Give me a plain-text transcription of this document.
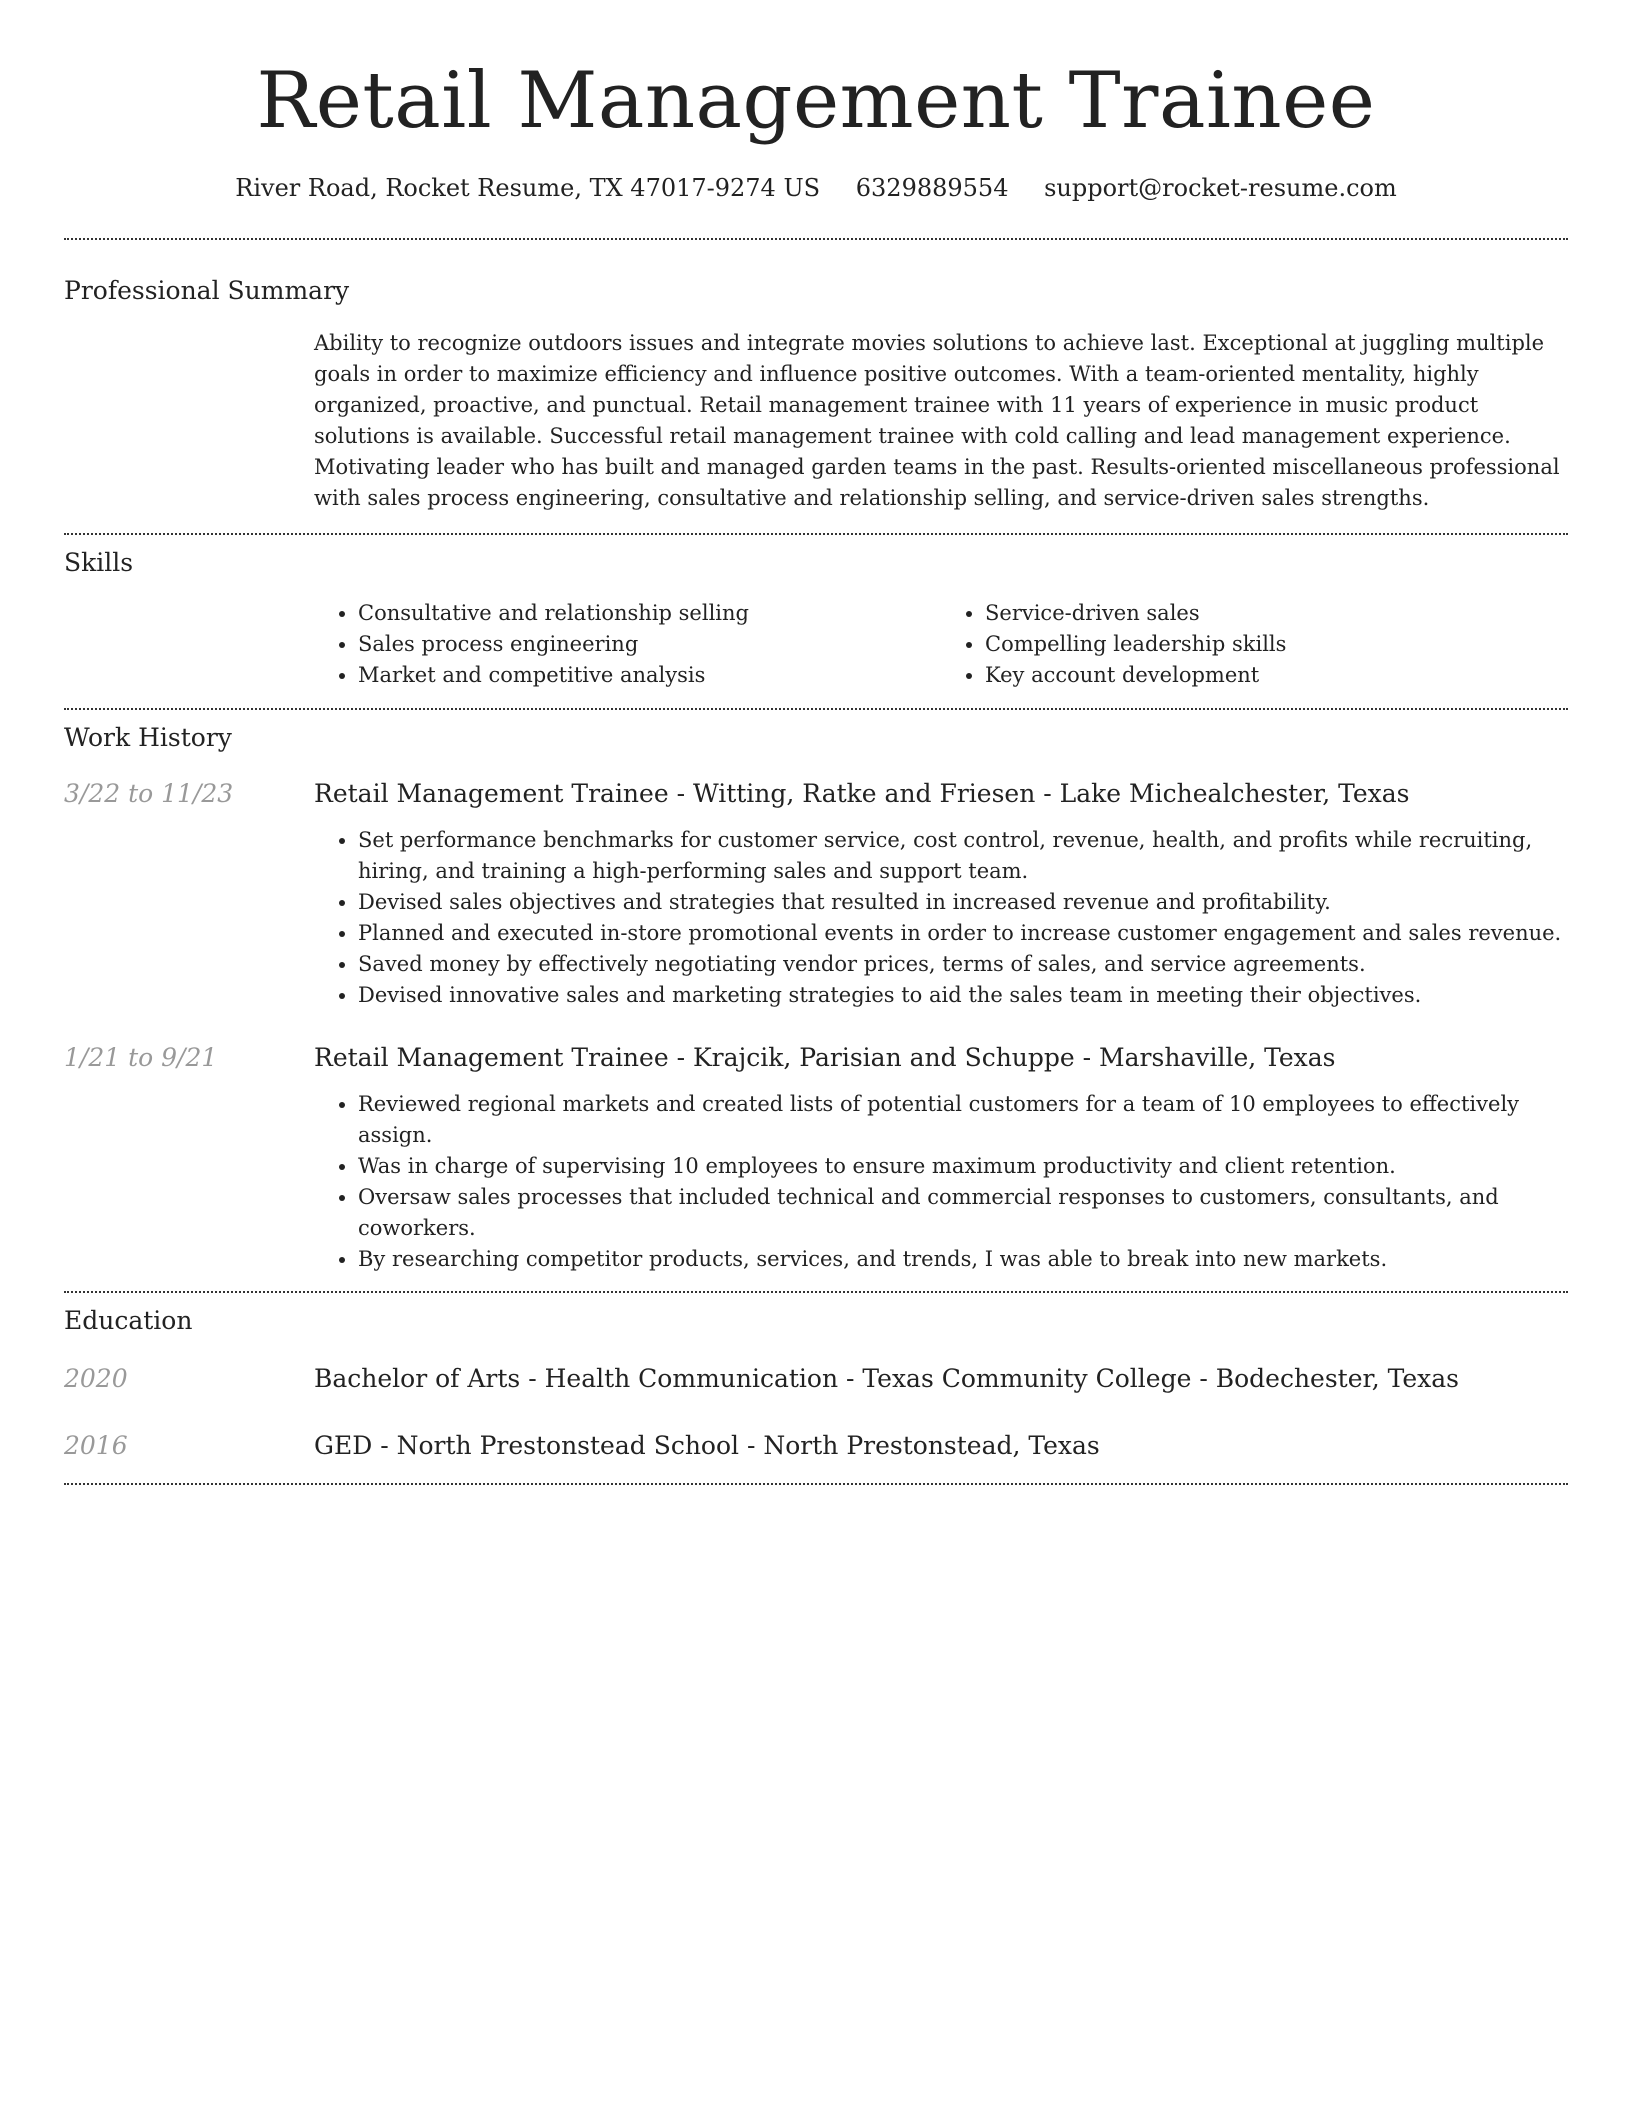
Retail Management Trainee
River Road, Rocket Resume, TX 47017-9274 US 6329889554 support@rocket-resume.com
Professional Summary

Ability to recognize outdoors issues and integrate movies solutions to achieve last. Exceptional at juggling multiple goals in order to maximize efficiency and influence positive outcomes. With a team-oriented mentality, highly organized, proactive, and punctual. Retail management trainee with 11 years of experience in music product solutions is available. Successful retail management trainee with cold calling and lead management experience. Motivating leader who has built and managed garden teams in the past. Results-oriented miscellaneous professional with sales process engineering, consultative and relationship selling, and service-driven sales strengths.

Skills
• Consultative and relationship selling
• Sales process engineering
• Market and competitive analysis
• Service-driven sales
• Compelling leadership skills
• Key account development
Work History
3/22 to 11/23	Retail Management Trainee - Witting, Ratke and Friesen - Lake Michealchester, Texas
• Set performance benchmarks for customer service, cost control, revenue, health, and profits while recruiting, hiring, and training a high-performing sales and support team.
• Devised sales objectives and strategies that resulted in increased revenue and profitability.
• Planned and executed in-store promotional events in order to increase customer engagement and sales revenue.
• Saved money by effectively negotiating vendor prices, terms of sales, and service agreements.
• Devised innovative sales and marketing strategies to aid the sales team in meeting their objectives.
1/21 to 9/21	Retail Management Trainee - Krajcik, Parisian and Schuppe - Marshaville, Texas
• Reviewed regional markets and created lists of potential customers for a team of 10 employees to effectively assign.
• Was in charge of supervising 10 employees to ensure maximum productivity and client retention.
• Oversaw sales processes that included technical and commercial responses to customers, consultants, and coworkers.
• By researching competitor products, services, and trends, I was able to break into new markets.
Education
2020	Bachelor of Arts - Health Communication - Texas Community College - Bodechester, Texas
2016	GED - North Prestonstead School - North Prestonstead, Texas
